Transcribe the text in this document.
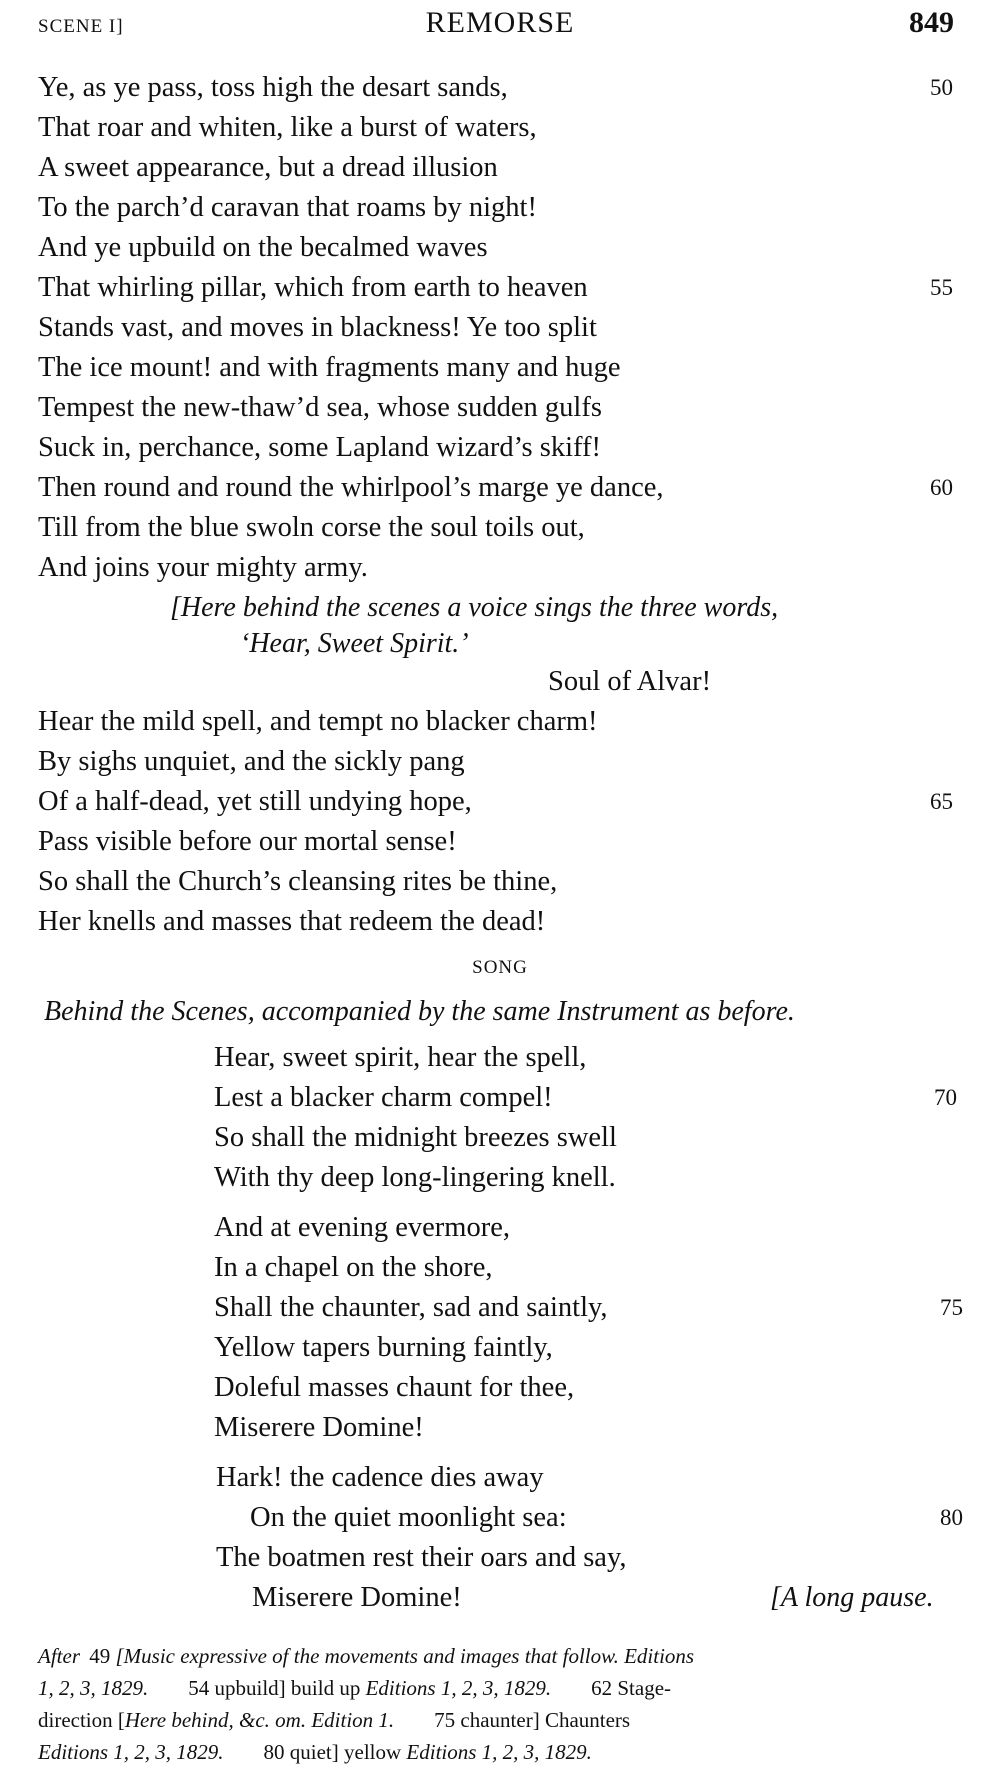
SCENE I]	REMORSE	849
Ye, as ye pass, toss high the desart sands,	50
That roar and whiten, like a burst of waters,
A sweet appearance, but a dread illusion
To the parch’d caravan that roams by night!
And ye upbuild on the becalmed waves
That whirling pillar, which from earth to heaven	55
Stands vast, and moves in blackness! Ye too split
The ice mount! and with fragments many and huge
Tempest the new-thaw’d sea, whose sudden gulfs
Suck in, perchance, some Lapland wizard’s skiff!
Then round and round the whirlpool’s marge ye dance,	60
Till from the blue swoln corse the soul toils out,
And joins your mighty army.
[Here behind the scenes a voice sings the three words,
‘Hear, Sweet Spirit.’
Soul of Alvar!
Hear the mild spell, and tempt no blacker charm!
By sighs unquiet, and the sickly pang
Of a half-dead, yet still undying hope,	65
Pass visible before our mortal sense!
So shall the Church’s cleansing rites be thine,
Her knells and masses that redeem the dead!
SONG
Behind the Scenes, accompanied by the same Instrument as before.
Hear, sweet spirit, hear the spell,
Lest a blacker charm compel!	70
So shall the midnight breezes swell
With thy deep long-lingering knell.
And at evening evermore,
In a chapel on the shore,
Shall the chaunter, sad and saintly,	75
Yellow tapers burning faintly,
Doleful masses chaunt for thee,
Miserere Domine!
Hark! the cadence dies away
On the quiet moonlight sea:	80
The boatmen rest their oars and say,
Miserere Domine!	[A long pause.
After 49 [Music expressive of the movements and images that follow. Editions
1, 2, 3, 1829. 54 upbuild] build up Editions 1, 2, 3, 1829. 62 Stage-
direction [Here behind, &c. om. Edition 1. 75 chaunter] Chaunters
Editions 1, 2, 3, 1829. 80 quiet] yellow Editions 1, 2, 3, 1829.
